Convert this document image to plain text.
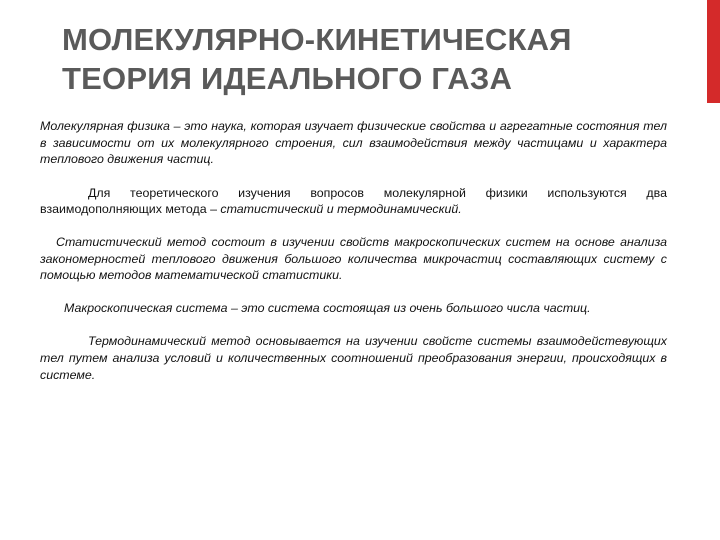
МОЛЕКУЛЯРНО-КИНЕТИЧЕСКАЯ
ТЕОРИЯ ИДЕАЛЬНОГО ГАЗА

Молекулярная физика – это наука, которая изучает физические свойства и агрегатные состояния тел в зависимости от их молекулярного строения, сил взаимодействия между частицами и характера теплового движения частиц.

Для теоретического изучения вопросов молекулярной физики используются два взаимодополняющих метода – статистический и термодинамический.

Статистический метод состоит в изучении свойств макроскопических систем на основе анализа закономерностей теплового движения большого количества микрочастиц составляющих систему с помощью методов математической статистики.

Макроскопическая система – это система состоящая из очень большого числа частиц.

Термодинамический метод основывается на изучении свойсте системы взаимодейстевующих тел путем анализа условий и количественных соотношений преобразования энергии, происходящих в системе.
